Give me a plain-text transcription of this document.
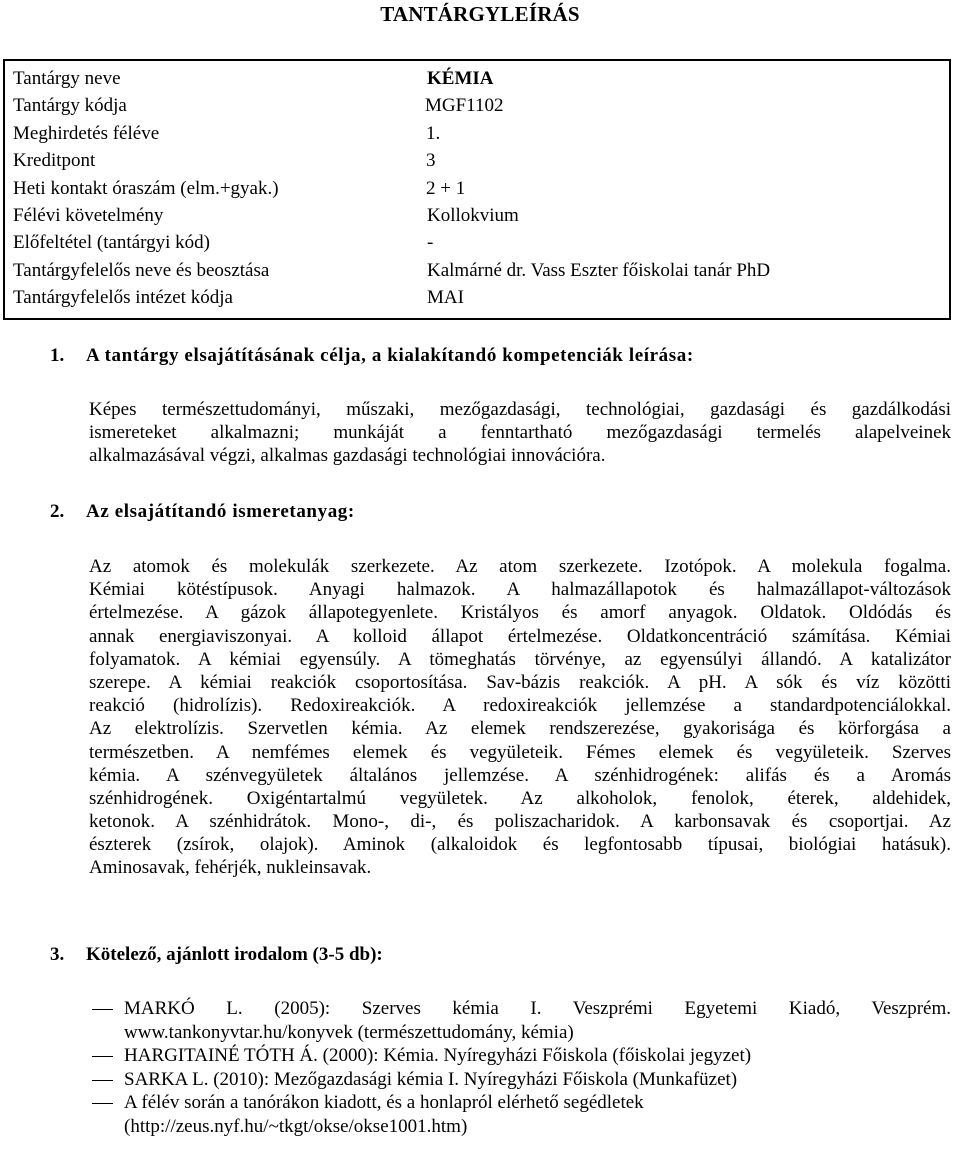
TANTÁRGYLEÍRÁS
Tantárgy neve	KÉMIA
Tantárgy kódja	MGF1102
Meghirdetés féléve	1.
Kreditpont	3
Heti kontakt óraszám (elm.+gyak.)	2 + 1
Félévi követelmény	Kollokvium
Előfeltétel (tantárgyi kód)	-
Tantárgyfelelős neve és beosztása	Kalmárné dr. Vass Eszter főiskolai tanár PhD
Tantárgyfelelős intézet kódja	MAI
1. A tantárgy elsajátításának célja, a kialakítandó kompetenciák leírása:
Képes természettudományi, műszaki, mezőgazdasági, technológiai, gazdasági és gazdálkodási
ismereteket alkalmazni; munkáját a fenntartható mezőgazdasági termelés alapelveinek
alkalmazásával végzi, alkalmas gazdasági technológiai innovációra.
2. Az elsajátítandó ismeretanyag:
Az atomok és molekulák szerkezete. Az atom szerkezete. Izotópok. A molekula fogalma.
Kémiai kötéstípusok. Anyagi halmazok. A halmazállapotok és halmazállapot-változások
értelmezése. A gázok állapotegyenlete. Kristályos és amorf anyagok. Oldatok. Oldódás és
annak energiaviszonyai. A kolloid állapot értelmezése. Oldatkoncentráció számítása. Kémiai
folyamatok. A kémiai egyensúly. A tömeghatás törvénye, az egyensúlyi állandó. A katalizátor
szerepe. A kémiai reakciók csoportosítása. Sav-bázis reakciók. A pH. A sók és víz közötti
reakció (hidrolízis). Redoxireakciók. A redoxireakciók jellemzése a standardpotenciálokkal.
Az elektrolízis. Szervetlen kémia. Az elemek rendszerezése, gyakorisága és körforgása a
természetben. A nemfémes elemek és vegyületeik. Fémes elemek és vegyületeik. Szerves
kémia. A szénvegyületek általános jellemzése. A szénhidrogének: alifás és a Aromás
szénhidrogének. Oxigéntartalmú vegyületek. Az alkoholok, fenolok, éterek, aldehidek,
ketonok. A szénhidrátok. Mono-, di-, és poliszacharidok. A karbonsavak és csoportjai. Az
észterek (zsírok, olajok). Aminok (alkaloidok és legfontosabb típusai, biológiai hatásuk).
Aminosavak, fehérjék, nukleinsavak.
3. Kötelező, ajánlott irodalom (3-5 db):
MARKÓ L. (2005): Szerves kémia I. Veszprémi Egyetemi Kiadó, Veszprém.
www.tankonyvtar.hu/konyvek (természettudomány, kémia)
HARGITAINÉ TÓTH Á. (2000): Kémia. Nyíregyházi Főiskola (főiskolai jegyzet)
SARKA L. (2010): Mezőgazdasági kémia I. Nyíregyházi Főiskola (Munkafüzet)
A félév során a tanórákon kiadott, és a honlapról elérhető segédletek
(http://zeus.nyf.hu/~tkgt/okse/okse1001.htm)
